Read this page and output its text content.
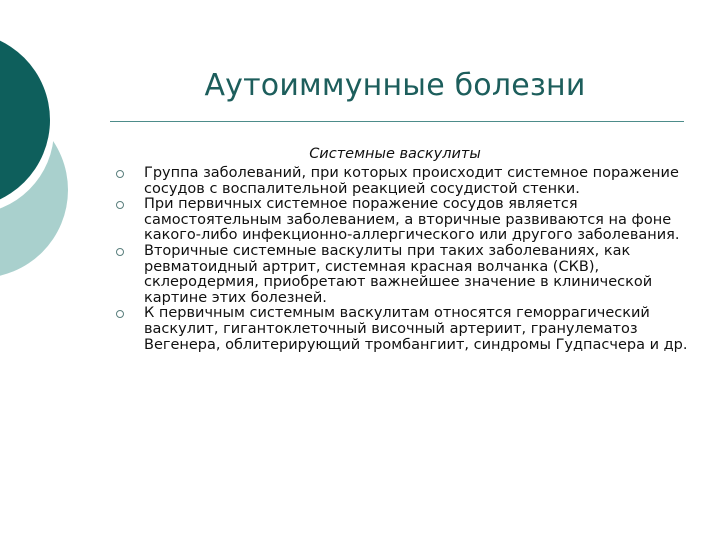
Аутоиммунные болезни
Системные васкулиты
Группа заболеваний, при которых происходит системное поражение сосудов с воспалительной реакцией сосудистой стенки.
При первичных системное поражение сосудов является самостоятельным заболеванием, а вторичные развиваются на фоне какого-либо инфекционно-аллергического или другого заболевания.
Вторичные системные васкулиты при таких заболеваниях, как ревматоидный артрит, системная красная волчанка (СКВ), склеродермия, приобретают важнейшее значение в клинической картине этих болезней.
К первичным системным васкулитам относятся геморрагический васкулит, гигантоклеточный височный артериит, гранулематоз Вегенера, облитерирующий тромбангиит, синдромы Гудпасчера и др.
